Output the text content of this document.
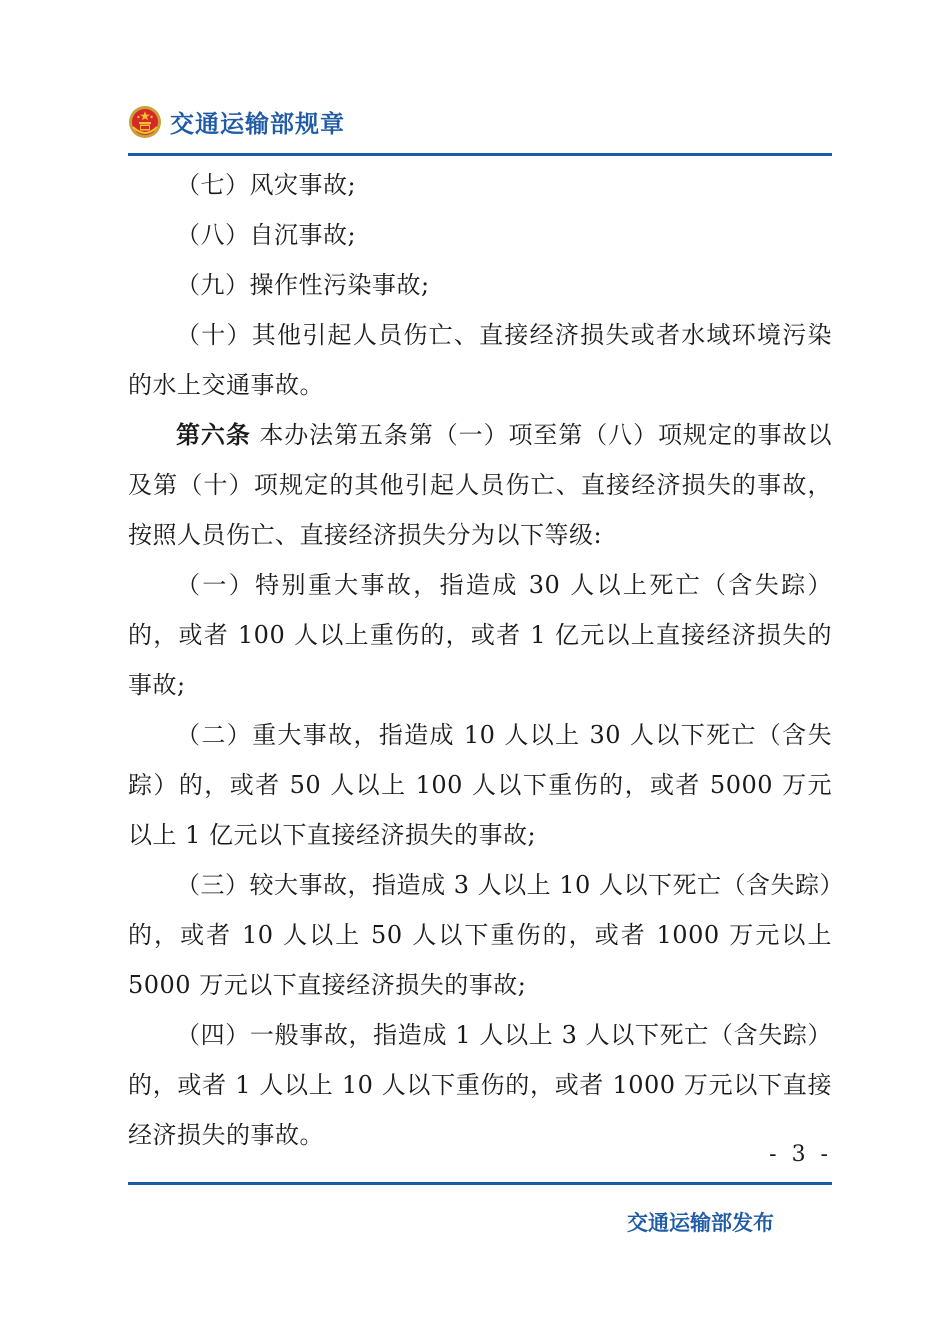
交通运输部规章

（七）风灾事故;

（八）自沉事故;

（九）操作性污染事故;

（十）其他引起人员伤亡、直接经济损失或者水域环境污染的水上交通事故。

第六条 本办法第五条第（一）项至第（八）项规定的事故以及第（十）项规定的其他引起人员伤亡、直接经济损失的事故，按照人员伤亡、直接经济损失分为以下等级:

（一）特别重大事故，指造成 30 人以上死亡（含失踪）的，或者 100 人以上重伤的，或者 1 亿元以上直接经济损失的事故;

（二）重大事故，指造成 10 人以上 30 人以下死亡（含失踪）的，或者 50 人以上 100 人以下重伤的，或者 5000 万元以上 1 亿元以下直接经济损失的事故;

（三）较大事故，指造成 3 人以上 10 人以下死亡（含失踪）的，或者 10 人以上 50 人以下重伤的，或者 1000 万元以上 5000 万元以下直接经济损失的事故;

（四）一般事故，指造成 1 人以上 3 人以下死亡（含失踪）的，或者 1 人以上 10 人以下重伤的，或者 1000 万元以下直接经济损失的事故。

- 3 -
交通运输部发布
